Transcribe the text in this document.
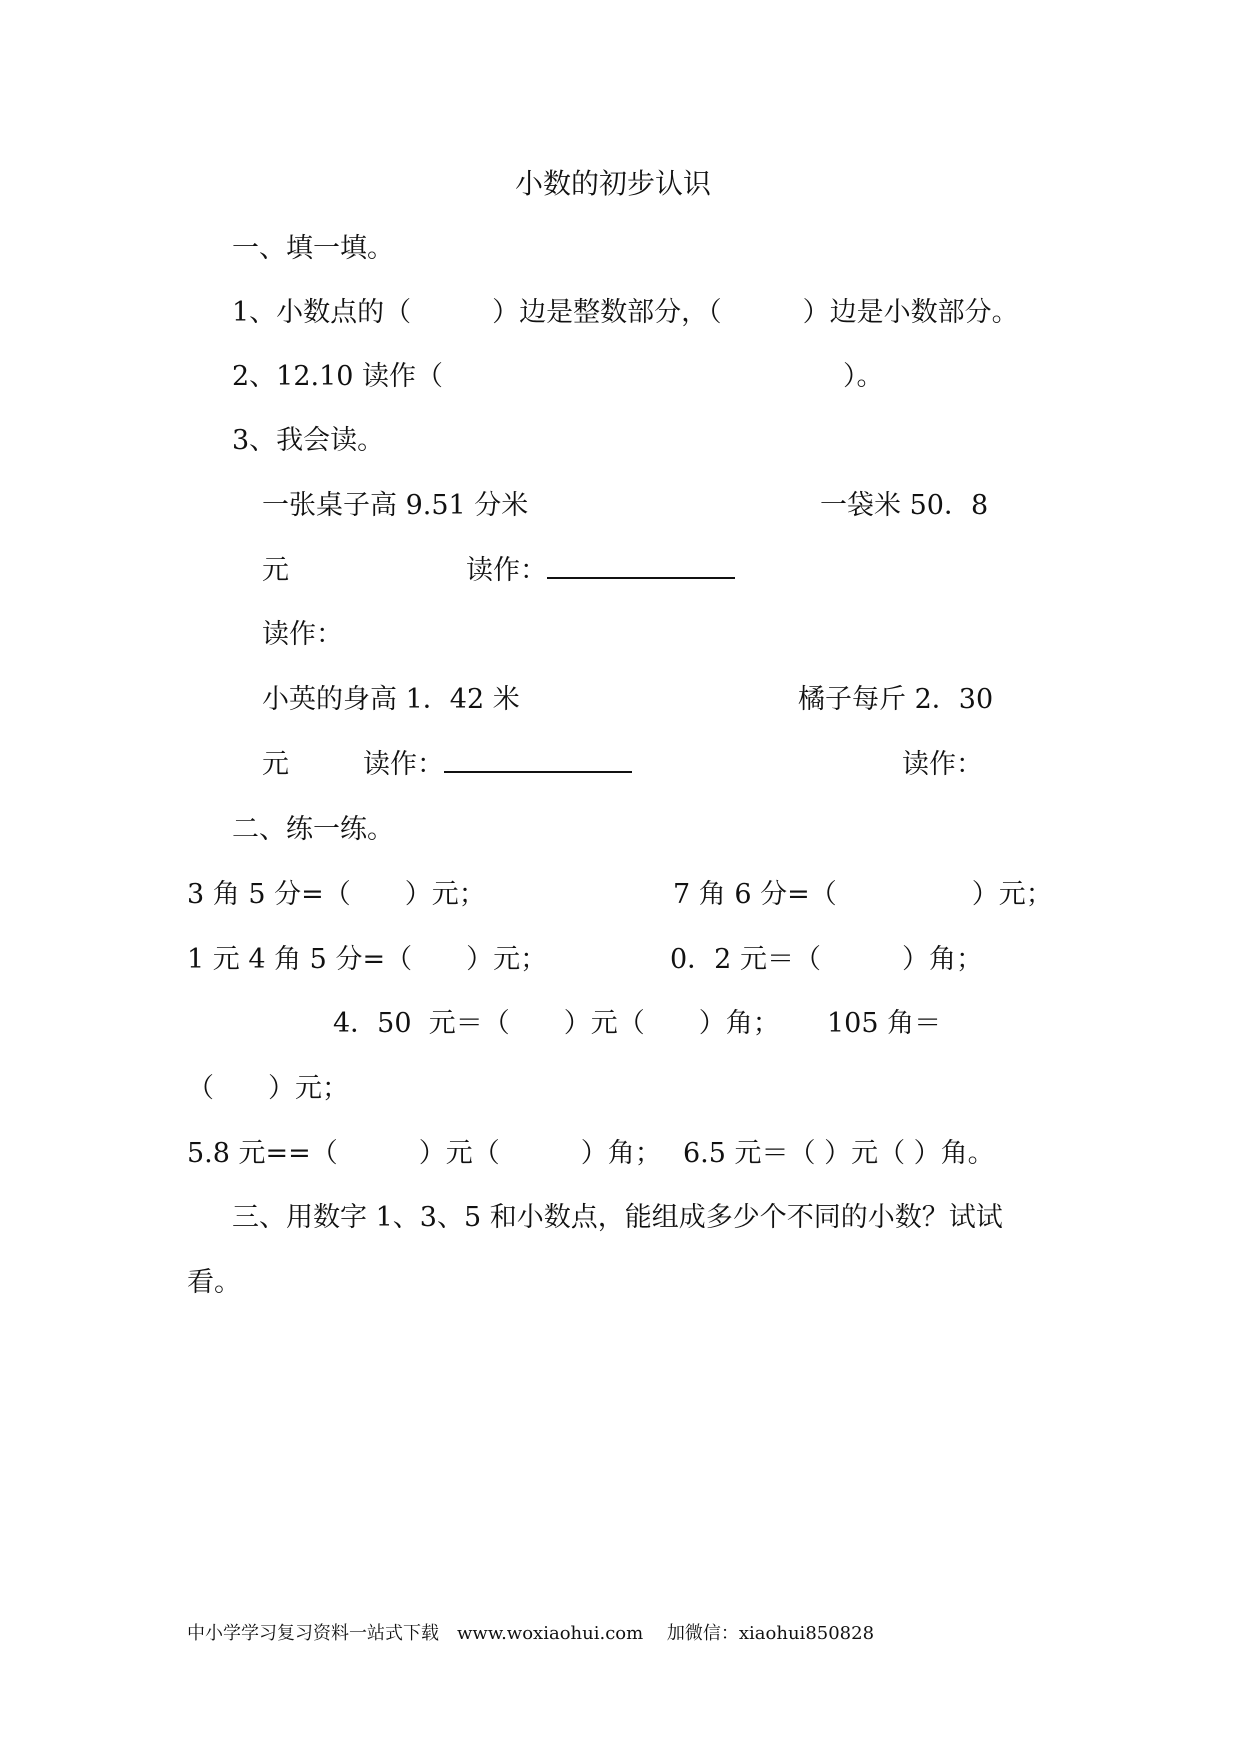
小数的初步认识
一、填一填。
1、小数点的（　　　）边是整数部分，（　　　）边是小数部分。
2、12.10 读作（	）。
3、我会读。
一张桌子高 9.51 分米	一袋米 50．8
元	读作：
读作：
小英的身高 1．42 米	橘子每斤 2．30
元	读作：	读作：
二、练一练。
3 角 5 分=（　　）元；	7 角 6 分=（　　　　　）元；
1 元 4 角 5 分=（　　）元；	0．2 元＝（　　　）角；
4．50  元＝（　　）元（　　）角； 105 角＝
（　　）元；
5.8 元==（　　　）元（　　　）角； 6.5 元＝（ ）元（ ）角。
三、用数字 1、3、5 和小数点，能组成多少个不同的小数？试试
看。
中小学学习复习资料一站式下载　www.woxiaohui.com　 加微信：xiaohui850828
